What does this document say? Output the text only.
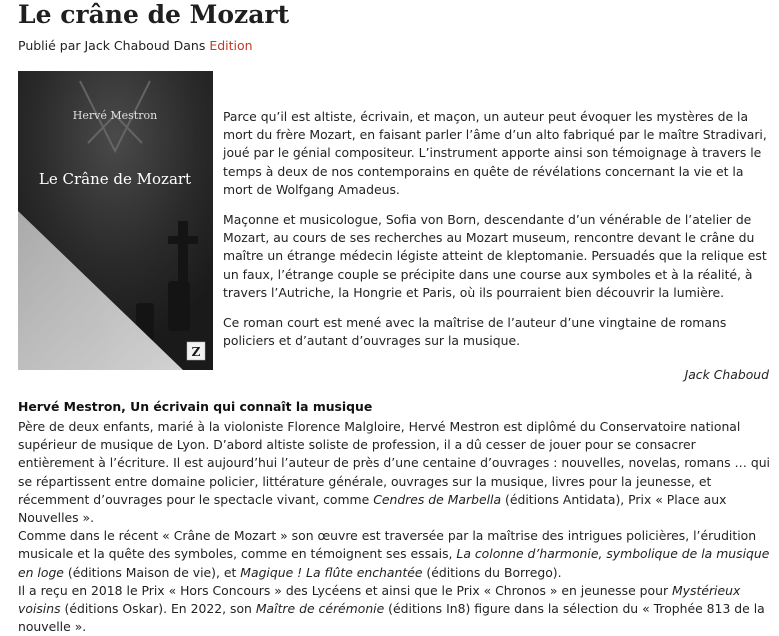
Le crâne de Mozart
Publié par Jack Chaboud Dans Edition
Hervé Mestron
Le Crâne de Mozart
Z

Parce qu’il est altiste, écrivain, et maçon, un auteur peut évoquer les mystères de la mort du frère Mozart, en faisant parler l’âme d’un alto fabriqué par le maître Stradivari, joué par le génial compositeur. L’instrument apporte ainsi son témoignage à travers le temps à deux de nos contemporains en quête de révélations concernant la vie et la mort de Wolfgang Amadeus.

Maçonne et musicologue, Sofia von Born, descendante d’un vénérable de l’atelier de Mozart, au cours de ses recherches au Mozart museum, rencontre devant le crâne du maître un étrange médecin légiste atteint de kleptomanie. Persuadés que la relique est un faux, l’étrange couple se précipite dans une course aux symboles et à la réalité, à travers l’Autriche, la Hongrie et Paris, où ils pourraient bien découvrir la lumière.

Ce roman court est mené avec la maîtrise de l’auteur d’une vingtaine de romans policiers et d’autant d’ouvrages sur la musique.

Jack Chaboud
Hervé Mestron, Un écrivain qui connaît la musique

Père de deux enfants, marié à la violoniste Florence Malgloire, Hervé Mestron est diplômé du Conservatoire national supérieur de musique de Lyon. D’abord altiste soliste de profession, il a dû cesser de jouer pour se consacrer entièrement à l’écriture. Il est aujourd’hui l’auteur de près d’une centaine d’ouvrages : nouvelles, novelas, romans … qui se répartissent entre domaine policier, littérature générale, ouvrages sur la musique, livres pour la jeunesse, et récemment d’ouvrages pour le spectacle vivant, comme Cendres de Marbella (éditions Antidata), Prix « Place aux Nouvelles ».

Comme dans le récent « Crâne de Mozart » son œuvre est traversée par la maîtrise des intrigues policières, l’érudition musicale et la quête des symboles, comme en témoignent ses essais, La colonne d’harmonie, symbolique de la musique en loge (éditions Maison de vie), et Magique ! La flûte enchantée (éditions du Borrego).

Il a reçu en 2018 le Prix « Hors Concours » des Lycéens et ainsi que le Prix « Chronos » en jeunesse pour Mystérieux voisins (éditions Oskar). En 2022, son Maître de cérémonie (éditions In8) figure dans la sélection du « Trophée 813 de la nouvelle ».
